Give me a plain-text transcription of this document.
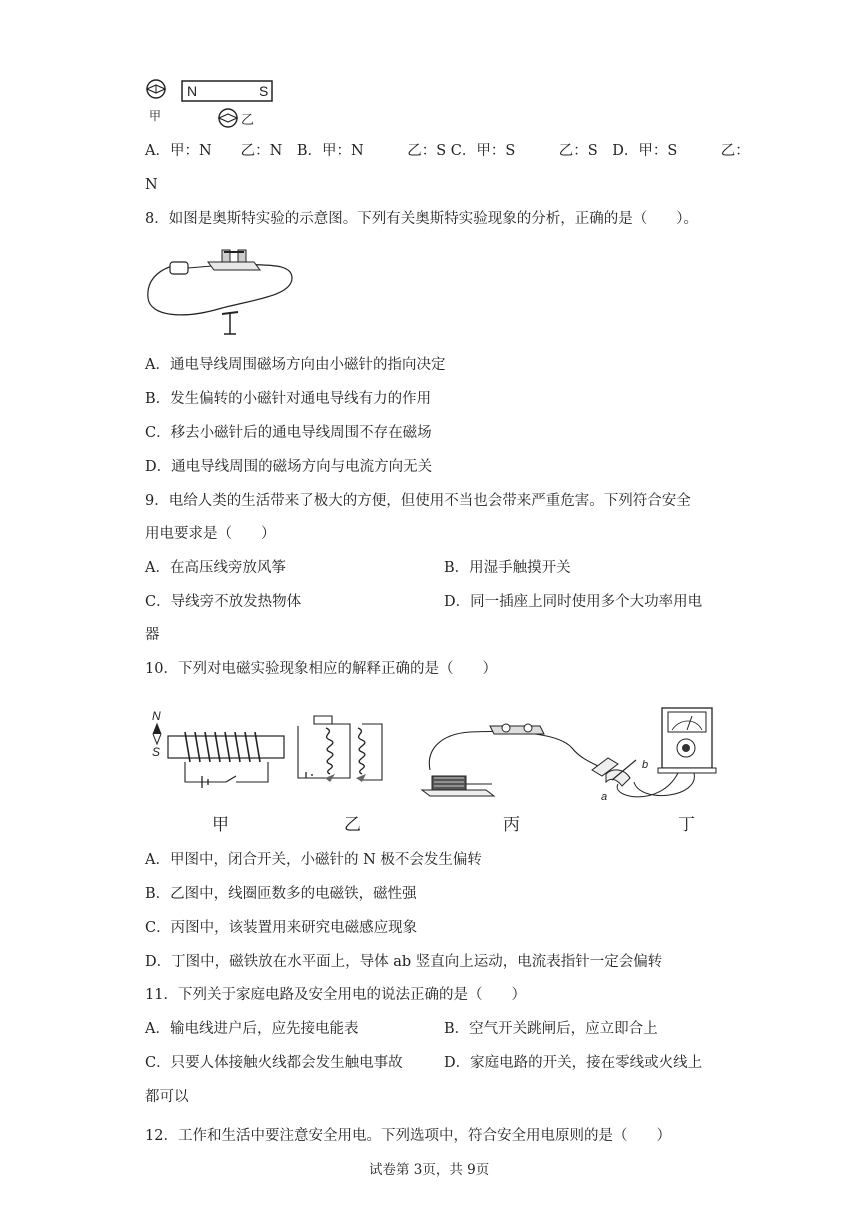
甲
N	S
乙
A．甲：N　　乙：N　B．甲：N　　　乙：S C．甲：S　　　乙：S　D．甲：S　　　乙：
N
8．如图是奥斯特实验的示意图。下列有关奥斯特实验现象的分析，正确的是（　　）。
A．通电导线周围磁场方向由小磁针的指向决定
B．发生偏转的小磁针对通电导线有力的作用
C．移去小磁针后的通电导线周围不存在磁场
D．通电导线周围的磁场方向与电流方向无关
9．电给人类的生活带来了极大的方便，但使用不当也会带来严重危害。下列符合安全
用电要求是（　　）
A．在高压线旁放风筝	B．用湿手触摸开关
C．导线旁不放发热物体	D．同一插座上同时使用多个大功率用电
器
10．下列对电磁实验现象相应的解释正确的是（　　）
N
S
甲	乙	丙
a
b
丁
A．甲图中，闭合开关，小磁针的 N 极不会发生偏转
B．乙图中，线圈匝数多的电磁铁，磁性强
C．丙图中，该装置用来研究电磁感应现象
D．丁图中，磁铁放在水平面上，导体 ab 竖直向上运动，电流表指针一定会偏转
11．下列关于家庭电路及安全用电的说法正确的是（　　）
A．输电线进户后，应先接电能表	B．空气开关跳闸后，应立即合上
C．只要人体接触火线都会发生触电事故	D．家庭电路的开关，接在零线或火线上
都可以
12．工作和生活中要注意安全用电。下列选项中，符合安全用电原则的是（　　）
试卷第 3页，共 9页
